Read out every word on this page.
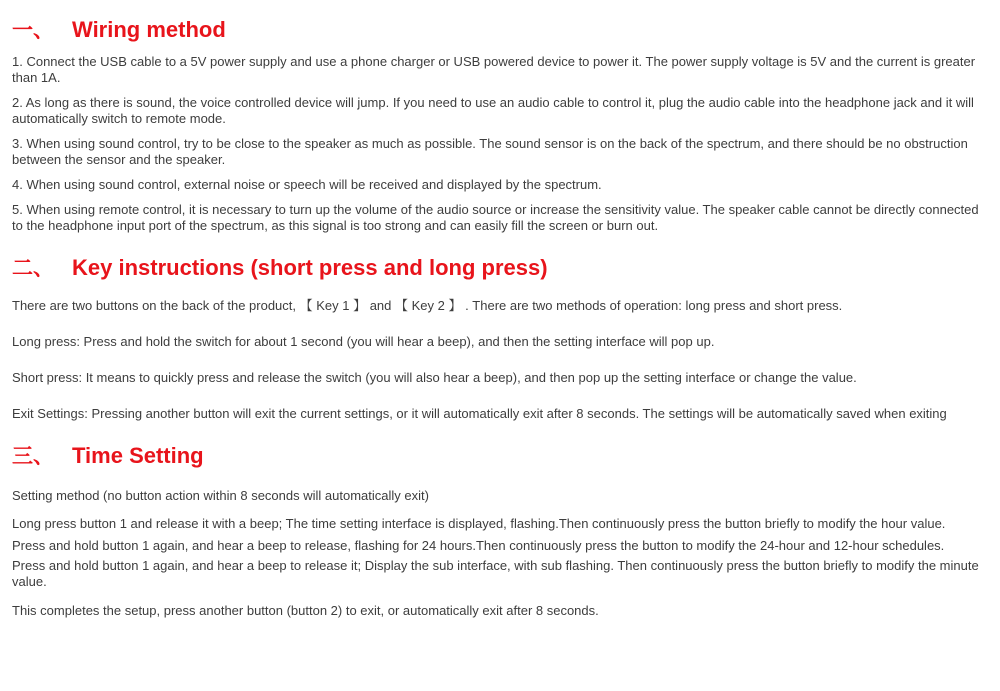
一、 Wiring method

1. Connect the USB cable to a 5V power supply and use a phone charger or USB powered device to power it. The power supply voltage is 5V and the current is greater than 1A.

2. As long as there is sound, the voice controlled device will jump. If you need to use an audio cable to control it, plug the audio cable into the headphone jack and it will automatically switch to remote mode.

3. When using sound control, try to be close to the speaker as much as possible. The sound sensor is on the back of the spectrum, and there should be no obstruction between the sensor and the speaker.

4. When using sound control, external noise or speech will be received and displayed by the spectrum.

5. When using remote control, it is necessary to turn up the volume of the audio source or increase the sensitivity value. The speaker cable cannot be directly connected to the headphone input port of the spectrum, as this signal is too strong and can easily fill the screen or burn out.

二、 Key instructions (short press and long press)

There are two buttons on the back of the product, 【 Key 1 】 and 【 Key 2 】 . There are two methods of operation: long press and short press.

Long press: Press and hold the switch for about 1 second (you will hear a beep), and then the setting interface will pop up.

Short press: It means to quickly press and release the switch (you will also hear a beep), and then pop up the setting interface or change the value.

Exit Settings: Pressing another button will exit the current settings, or it will automatically exit after 8 seconds. The settings will be automatically saved when exiting

三、 Time Setting

Setting method (no button action within 8 seconds will automatically exit)

Long press button 1 and release it with a beep; The time setting interface is displayed, flashing.Then continuously press the button briefly to modify the hour value.

Press and hold button 1 again, and hear a beep to release, flashing for 24 hours.Then continuously press the button to modify the 24-hour and 12-hour schedules.

Press and hold button 1 again, and hear a beep to release it; Display the sub interface, with sub flashing. Then continuously press the button briefly to modify the minute value.

This completes the setup, press another button (button 2) to exit, or automatically exit after 8 seconds.
